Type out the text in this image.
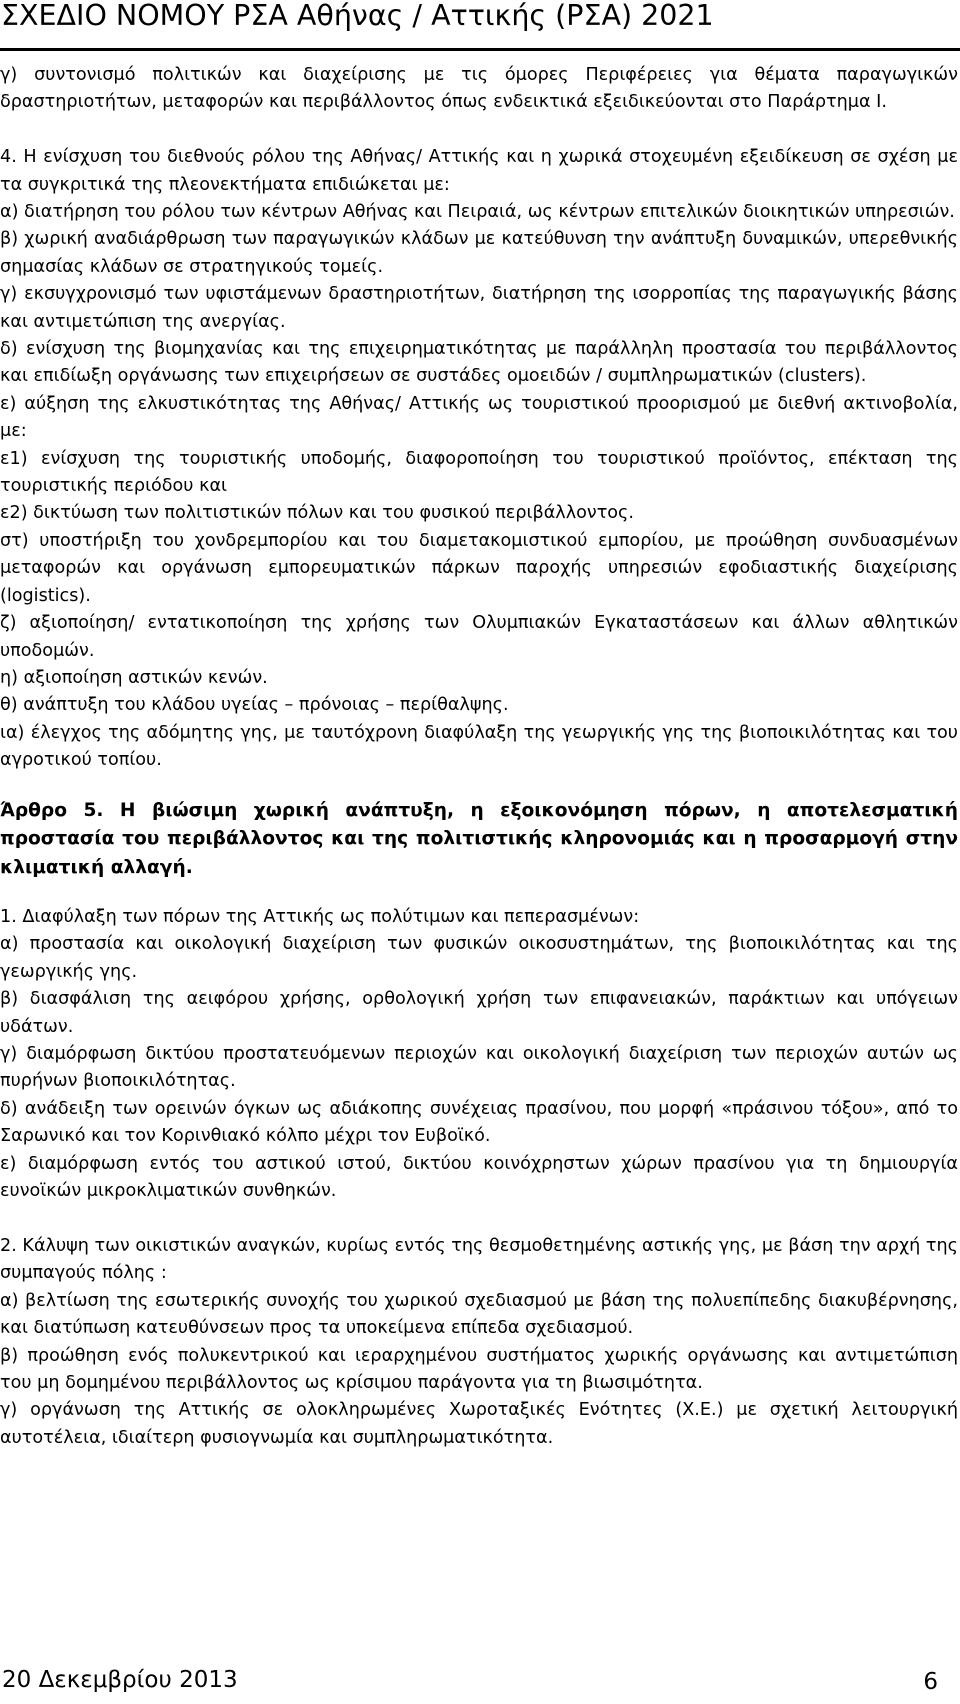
ΣΧΕΔΙΟ ΝΟΜΟΥ ΡΣΑ Αθήνας / Αττικής (ΡΣΑ) 2021

γ) συντονισμό πολιτικών και διαχείρισης με τις όμορες Περιφέρειες για θέματα παραγωγικών δραστηριοτήτων, μεταφορών και περιβάλλοντος όπως ενδεικτικά εξειδικεύονται στο Παράρτημα Ι.

4. Η ενίσχυση του διεθνούς ρόλου της Αθήνας/ Αττικής και η χωρικά στοχευμένη εξειδίκευση σε σχέση με τα συγκριτικά της πλεονεκτήματα επιδιώκεται με:

α) διατήρηση του ρόλου των κέντρων Αθήνας και Πειραιά, ως κέντρων επιτελικών διοικητικών υπηρεσιών.

β) χωρική αναδιάρθρωση των παραγωγικών κλάδων με κατεύθυνση την ανάπτυξη δυναμικών, υπερεθνικής σημασίας κλάδων σε στρατηγικούς τομείς.

γ) εκσυγχρονισμό των υφιστάμενων δραστηριοτήτων, διατήρηση της ισορροπίας της παραγωγικής βάσης και αντιμετώπιση της ανεργίας.

δ) ενίσχυση της βιομηχανίας και της επιχειρηματικότητας με παράλληλη προστασία του περιβάλλοντος και επιδίωξη οργάνωσης των επιχειρήσεων σε συστάδες ομοειδών / συμπληρωματικών (clusters).

ε) αύξηση της ελκυστικότητας της Αθήνας/ Αττικής ως τουριστικού προορισμού με διεθνή ακτινοβολία, με:

ε1) ενίσχυση της τουριστικής υποδομής, διαφοροποίηση του τουριστικού προϊόντος, επέκταση της τουριστικής περιόδου και

ε2) δικτύωση των πολιτιστικών πόλων και του φυσικού περιβάλλοντος.

στ) υποστήριξη του χονδρεμπορίου και του διαμετακομιστικού εμπορίου, με προώθηση συνδυασμένων μεταφορών και οργάνωση εμπορευματικών πάρκων παροχής υπηρεσιών εφοδιαστικής διαχείρισης (logistics).

ζ) αξιοποίηση/ εντατικοποίηση της χρήσης των Ολυμπιακών Εγκαταστάσεων και άλλων αθλητικών υποδομών.

η) αξιοποίηση αστικών κενών.

θ) ανάπτυξη του κλάδου υγείας – πρόνοιας – περίθαλψης.

ια) έλεγχος της αδόμητης γης, με ταυτόχρονη διαφύλαξη της γεωργικής γης της βιοποικιλότητας και του αγροτικού τοπίου.

Άρθρο 5. Η βιώσιμη χωρική ανάπτυξη, η εξοικονόμηση πόρων, η αποτελεσματική προστασία του περιβάλλοντος και της πολιτιστικής κληρονομιάς και η προσαρμογή στην κλιματική αλλαγή.

1. Διαφύλαξη των πόρων της Αττικής ως πολύτιμων και πεπερασμένων:

α) προστασία και οικολογική διαχείριση των φυσικών οικοσυστημάτων, της βιοποικιλότητας και της γεωργικής γης.

β) διασφάλιση της αειφόρου χρήσης, ορθολογική χρήση των επιφανειακών, παράκτιων και υπόγειων υδάτων.

γ) διαμόρφωση δικτύου προστατευόμενων περιοχών και οικολογική διαχείριση των περιοχών αυτών ως πυρήνων βιοποικιλότητας.

δ) ανάδειξη των ορεινών όγκων ως αδιάκοπης συνέχειας πρασίνου, που μορφή «πράσινου τόξου», από το Σαρωνικό και τον Κορινθιακό κόλπο μέχρι τον Ευβοϊκό.

ε) διαμόρφωση εντός του αστικού ιστού, δικτύου κοινόχρηστων χώρων πρασίνου για τη δημιουργία ευνοϊκών μικροκλιματικών συνθηκών.

2. Κάλυψη των οικιστικών αναγκών, κυρίως εντός της θεσμοθετημένης αστικής γης, με βάση την αρχή της συμπαγούς πόλης :

α) βελτίωση της εσωτερικής συνοχής του χωρικού σχεδιασμού με βάση της πολυεπίπεδης διακυβέρνησης, και διατύπωση κατευθύνσεων προς τα υποκείμενα επίπεδα σχεδιασμού.

β) προώθηση ενός πολυκεντρικού και ιεραρχημένου συστήματος χωρικής οργάνωσης και αντιμετώπιση του μη δομημένου περιβάλλοντος ως κρίσιμου παράγοντα για τη βιωσιμότητα.

γ) οργάνωση της Αττικής σε ολοκληρωμένες Χωροταξικές Ενότητες (Χ.Ε.) με σχετική λειτουργική αυτοτέλεια, ιδιαίτερη φυσιογνωμία και συμπληρωματικότητα.

20 Δεκεμβρίου 2013	6
